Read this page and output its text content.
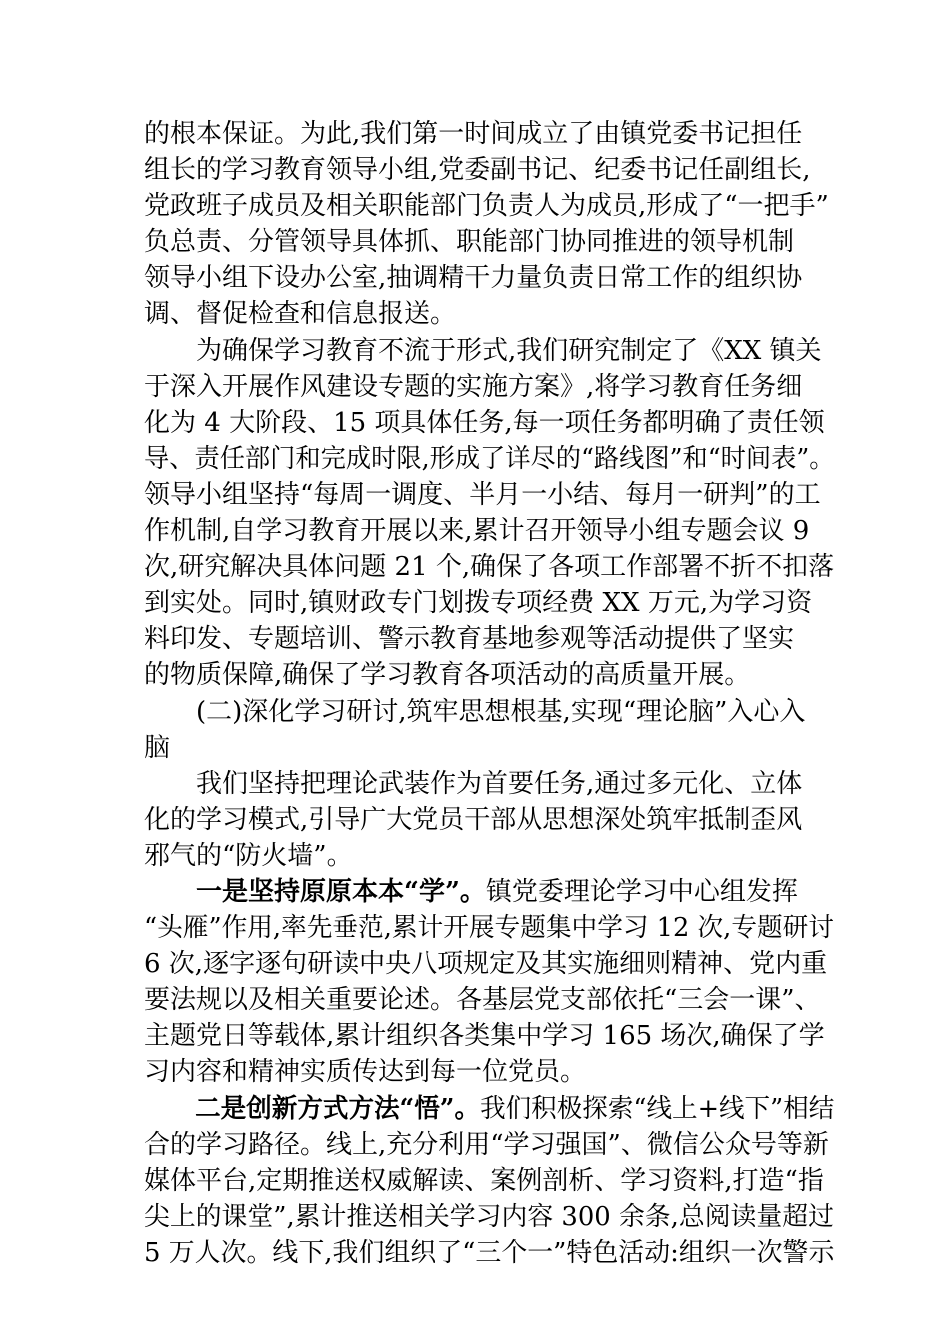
的根本保证。为此,我们第一时间成立了由镇党委书记担任
组长的学习教育领导小组,党委副书记、纪委书记任副组长,
党政班子成员及相关职能部门负责人为成员,形成了“一把手”
负总责、分管领导具体抓、职能部门协同推进的领导机制
领导小组下设办公室,抽调精干力量负责日常工作的组织协
调、督促检查和信息报送。
为确保学习教育不流于形式,我们研究制定了《XX 镇关
于深入开展作风建设专题的实施方案》,将学习教育任务细
化为 4 大阶段、15 项具体任务,每一项任务都明确了责任领
导、责任部门和完成时限,形成了详尽的“路线图”和“时间表”。
领导小组坚持“每周一调度、半月一小结、每月一研判”的工
作机制,自学习教育开展以来,累计召开领导小组专题会议 9
次,研究解决具体问题 21 个,确保了各项工作部署不折不扣落
到实处。同时,镇财政专门划拨专项经费 XX 万元,为学习资
料印发、专题培训、警示教育基地参观等活动提供了坚实
的物质保障,确保了学习教育各项活动的高质量开展。
(二)深化学习研讨,筑牢思想根基,实现“理论脑”入心入
脑
我们坚持把理论武装作为首要任务,通过多元化、立体
化的学习模式,引导广大党员干部从思想深处筑牢抵制歪风
邪气的“防火墙”。
一是坚持原原本本“学”。镇党委理论学习中心组发挥
“头雁”作用,率先垂范,累计开展专题集中学习 12 次,专题研讨
6 次,逐字逐句研读中央八项规定及其实施细则精神、党内重
要法规以及相关重要论述。各基层党支部依托“三会一课”、
主题党日等载体,累计组织各类集中学习 165 场次,确保了学
习内容和精神实质传达到每一位党员。
二是创新方式方法“悟”。我们积极探索“线上+线下”相结
合的学习路径。线上,充分利用“学习强国”、微信公众号等新
媒体平台,定期推送权威解读、案例剖析、学习资料,打造“指
尖上的课堂”,累计推送相关学习内容 300 余条,总阅读量超过
5 万人次。线下,我们组织了“三个一”特色活动:组织一次警示
